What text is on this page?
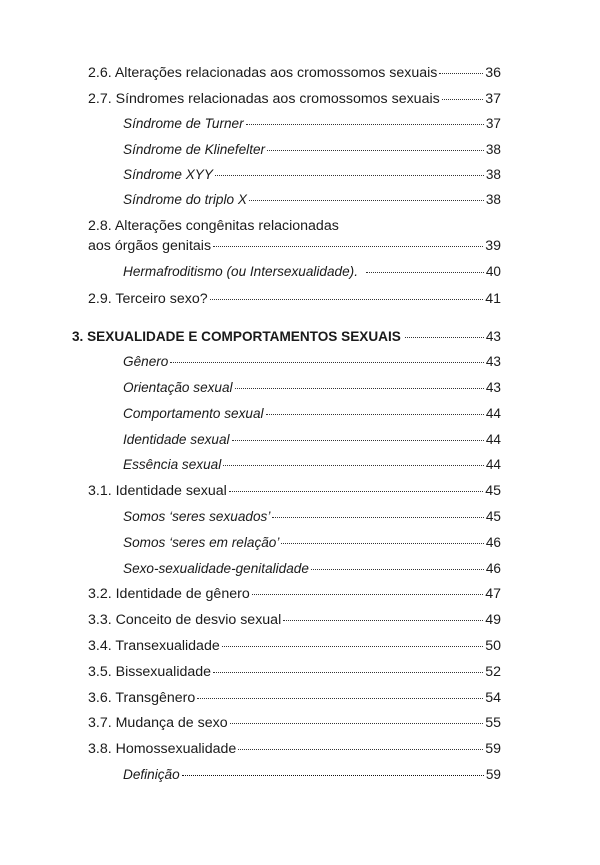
2.6. Alterações relacionadas aos cromossomos sexuais	36
2.7. Síndromes relacionadas aos cromossomos sexuais	37
Síndrome de Turner	37
Síndrome de Klinefelter	38
Síndrome XYY	38
Síndrome do triplo X	38
2.8. Alterações congênitas relacionadas
aos órgãos genitais	39
Hermafroditismo (ou Intersexualidade).	40
2.9. Terceiro sexo?	41
3. SEXUALIDADE E COMPORTAMENTOS SEXUAIS	43
Gênero	43
Orientação sexual	43
Comportamento sexual	44
Identidade sexual	44
Essência sexual	44
3.1. Identidade sexual	45
Somos ‘seres sexuados’	45
Somos ‘seres em relação’	46
Sexo-sexualidade-genitalidade	46
3.2. Identidade de gênero	47
3.3. Conceito de desvio sexual	49
3.4. Transexualidade	50
3.5. Bissexualidade	52
3.6. Transgênero	54
3.7. Mudança de sexo	55
3.8. Homossexualidade	59
Definição	59
